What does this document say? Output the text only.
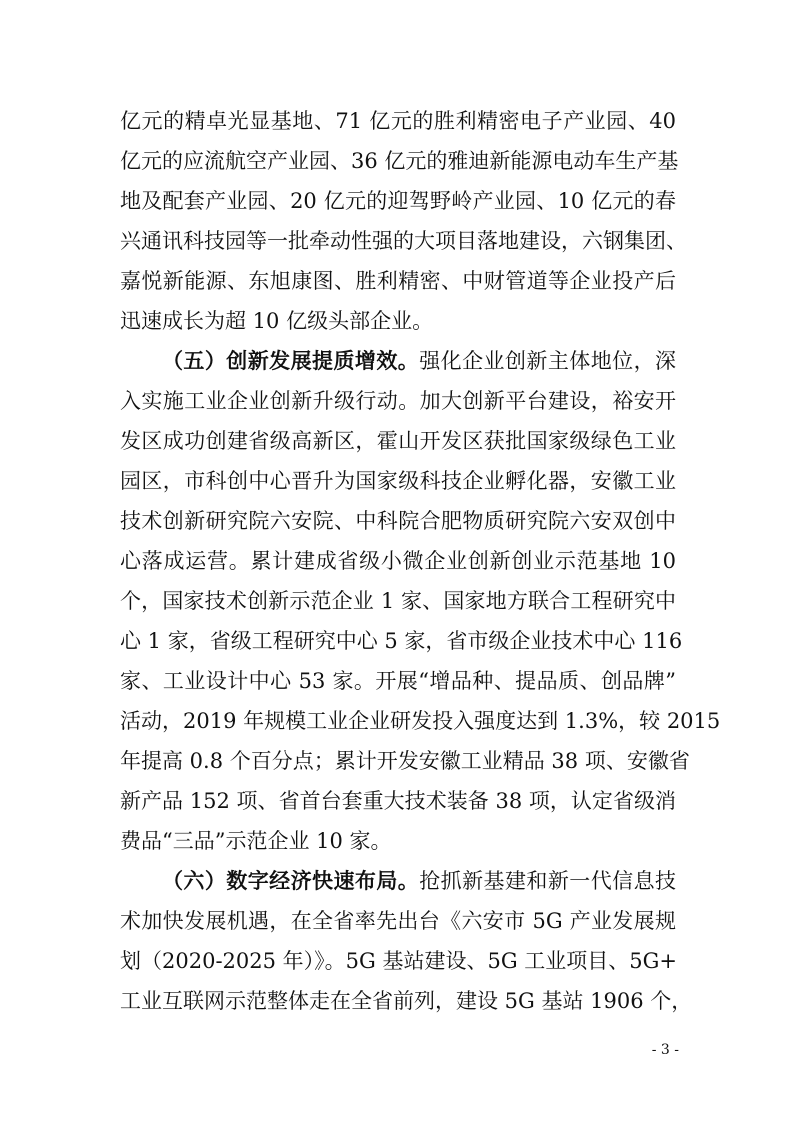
亿元的精卓光显基地、71 亿元的胜利精密电子产业园、40
亿元的应流航空产业园、36 亿元的雅迪新能源电动车生产基
地及配套产业园、20 亿元的迎驾野岭产业园、10 亿元的春
兴通讯科技园等一批牵动性强的大项目落地建设，六钢集团、
嘉悦新能源、东旭康图、胜利精密、中财管道等企业投产后
迅速成长为超 10 亿级头部企业。
（五）创新发展提质增效。强化企业创新主体地位，深
入实施工业企业创新升级行动。加大创新平台建设，裕安开
发区成功创建省级高新区，霍山开发区获批国家级绿色工业
园区，市科创中心晋升为国家级科技企业孵化器，安徽工业
技术创新研究院六安院、中科院合肥物质研究院六安双创中
心落成运营。累计建成省级小微企业创新创业示范基地 10
个，国家技术创新示范企业 1 家、国家地方联合工程研究中
心 1 家，省级工程研究中心 5 家，省市级企业技术中心 116
家、工业设计中心 53 家。开展“增品种、提品质、创品牌”
活动，2019 年规模工业企业研发投入强度达到 1.3%，较 2015
年提高 0.8 个百分点；累计开发安徽工业精品 38 项、安徽省
新产品 152 项、省首台套重大技术装备 38 项，认定省级消
费品“三品”示范企业 10 家。
（六）数字经济快速布局。抢抓新基建和新一代信息技
术加快发展机遇，在全省率先出台《六安市 5G 产业发展规
划（2020-2025 年）》。5G 基站建设、5G 工业项目、5G+
工业互联网示范整体走在全省前列，建设 5G 基站 1906 个，
- 3 -
